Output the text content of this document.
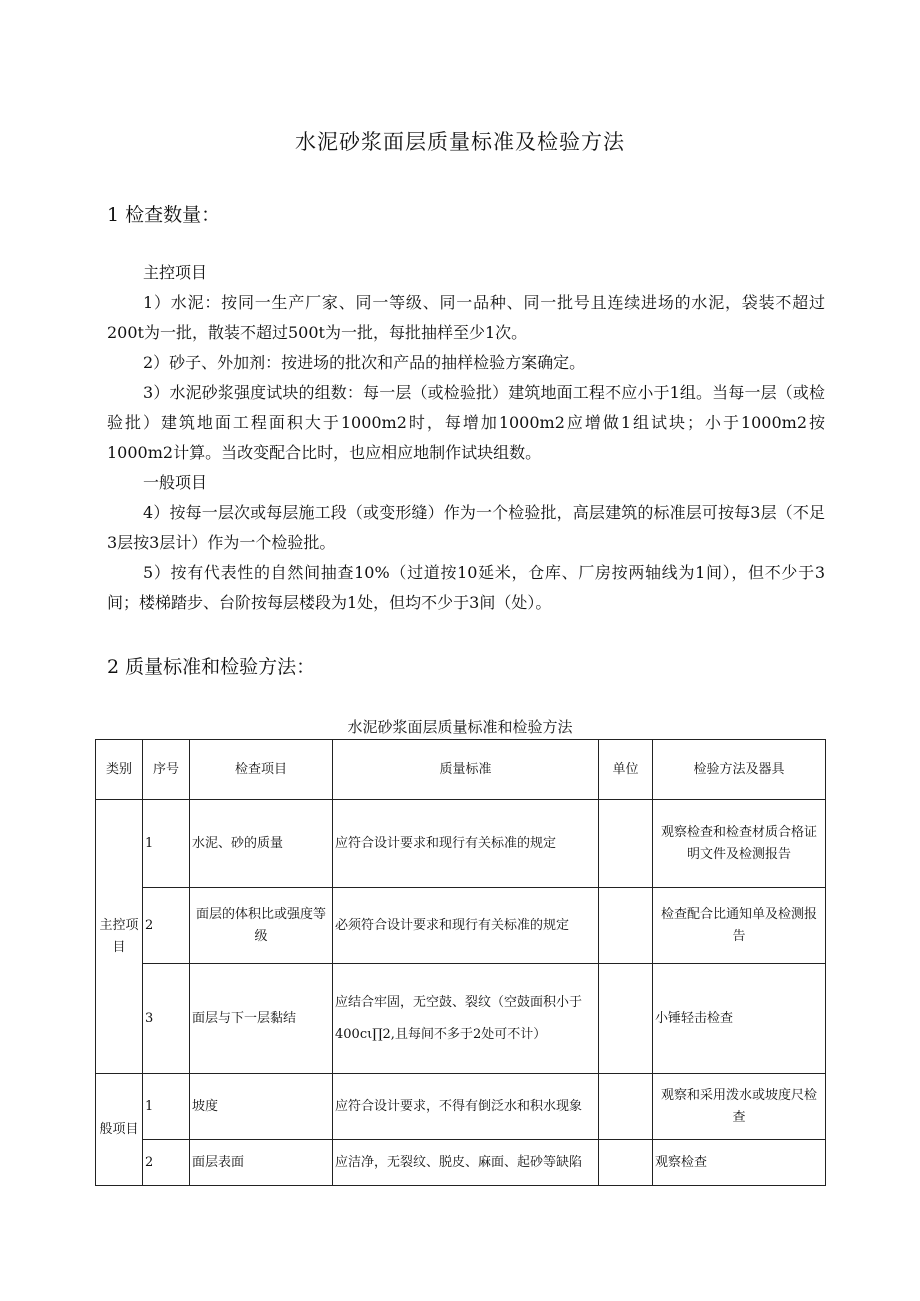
水泥砂浆面层质量标准及检验方法
1 检查数量：

主控项目

1）水泥：按同一生产厂家、同一等级、同一品种、同一批号且连续进场的水泥，袋装不超过200t为一批，散装不超过500t为一批，每批抽样至少1次。

2）砂子、外加剂：按进场的批次和产品的抽样检验方案确定。

3）水泥砂浆强度试块的组数：每一层（或检验批）建筑地面工程不应小于1组。当每一层（或检验批）建筑地面工程面积大于1000m2时，每增加1000m2应增做1组试块；小于1000m2按1000m2计算。当改变配合比时，也应相应地制作试块组数。

一般项目

4）按每一层次或每层施工段（或变形缝）作为一个检验批，高层建筑的标准层可按每3层（不足3层按3层计）作为一个检验批。

5）按有代表性的自然间抽查10%（过道按10延米，仓库、厂房按两轴线为1间），但不少于3间；楼梯踏步、台阶按每层楼段为1处，但均不少于3间（处）。

2 质量标准和检验方法：
水泥砂浆面层质量标准和检验方法
类别	序号	检查项目	质量标准	单位	检验方法及器具
主控项目	1	水泥、砂的质量	应符合设计要求和现行有关标准的规定		观察检查和检查材质合格证明文件及检测报告
	2	面层的体积比或强度等级	必须符合设计要求和现行有关标准的规定		检查配合比通知单及检测报告
	3	面层与下一层黏结	应结合牢固，无空鼓、裂纹（空鼓面积小于400cι∏2,且每间不多于2处可不计）		小锤轻击检查
般项目	1	坡度	应符合设计要求，不得有倒泛水和积水现象		观察和采用泼水或坡度尺检查
	2	面层表面	应洁净，无裂纹、脱皮、麻面、起砂等缺陷		观察检查
